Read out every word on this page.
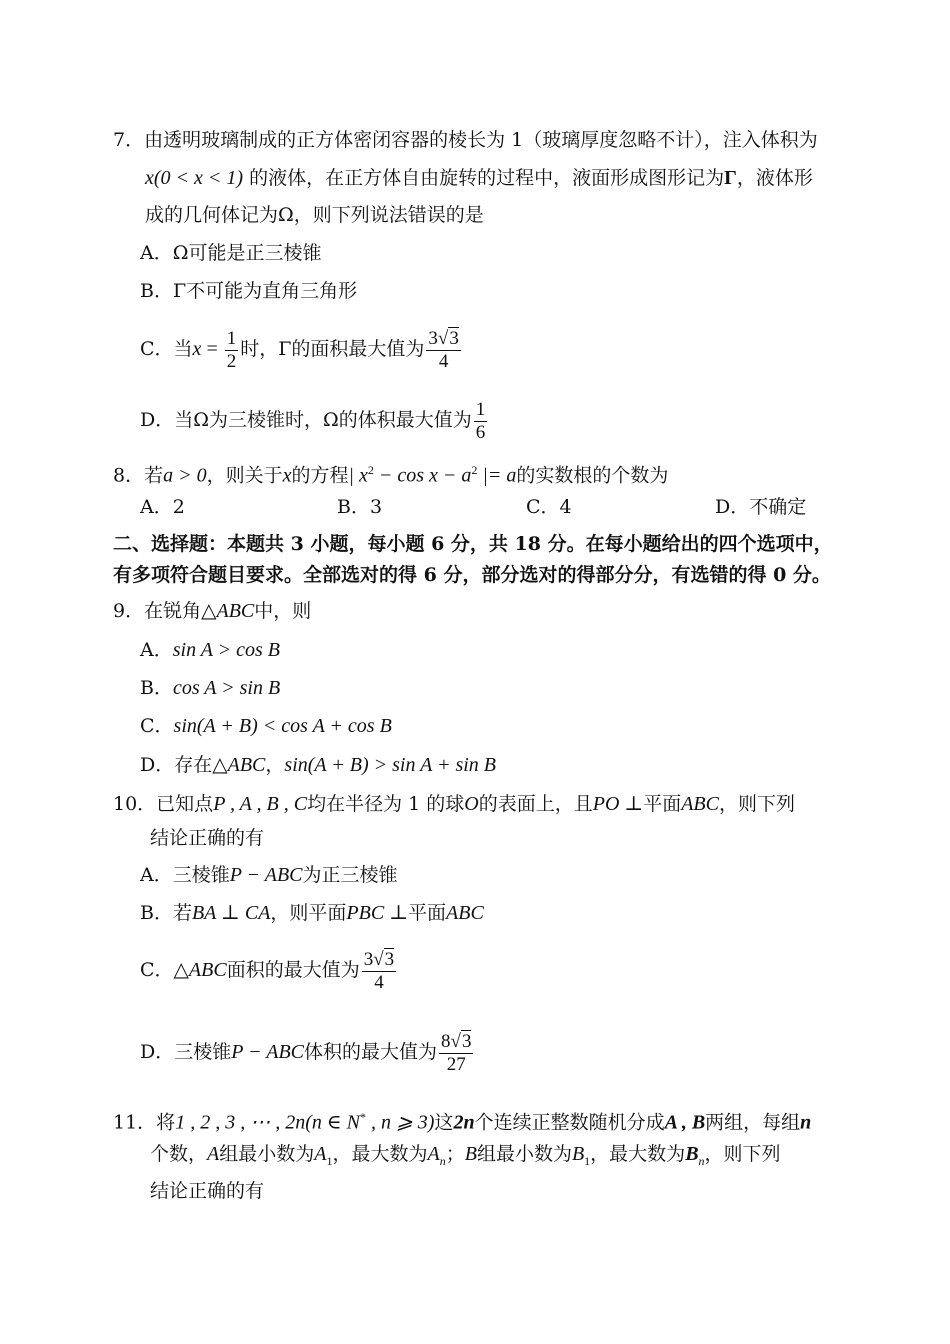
7．由透明玻璃制成的正方体密闭容器的棱长为 1（玻璃厚度忽略不计），注入体积为
x(0 < x < 1) 的液体，在正方体自由旋转的过程中，液面形成图形记为Γ，液体形
成的几何体记为Ω，则下列说法错误的是
A．Ω可能是正三棱锥
B．Γ不可能为直角三角形
C．当$x = \frac{1}{2}$ 时，Γ的面积最大值为 $\frac{3√3}{4}$
D．当Ω为三棱锥时，Ω的体积最大值为 $\frac{1}{6}$
8．若a > 0，则关于x的方程| $x^2 - \cos x - a^2$ |= a的实数根的个数为
A．2	B．3	C．4	D．不确定
二、选择题：本题共 3 小题，每小题 6 分，共 18 分。在每小题给出的四个选项中，
有多项符合题目要求。全部选对的得 6 分，部分选对的得部分分，有选错的得 0 分。
9．在锐角△ABC中，则
A．sin A > cos B
B．cos A > sin B
C．sin(A + B) < cos A + cos B
D．存在△ABC，sin(A + B) > sin A + sin B
10．已知点P , A , B , C均在半径为 1 的球O的表面上，且PO ⊥平面ABC，则下列
结论正确的有
A．三棱锥P − ABC为正三棱锥
B．若BA ⊥ CA，则平面PBC ⊥平面ABC
C．△ABC面积的最大值为 $\frac{3√3}{4}$
D．三棱锥P − ABC体积的最大值为 $\frac{8√3}{27}$
11．将1 , 2 , 3 , ⋯ , 2n(n ∈ N* , n ⩾ 3)这2n个连续正整数随机分成A , B两组，每组n
个数，A组最小数为$A_1$，最大数为$A_n$；B组最小数为$B_1$，最大数为$B_n$，则下列
结论正确的有
